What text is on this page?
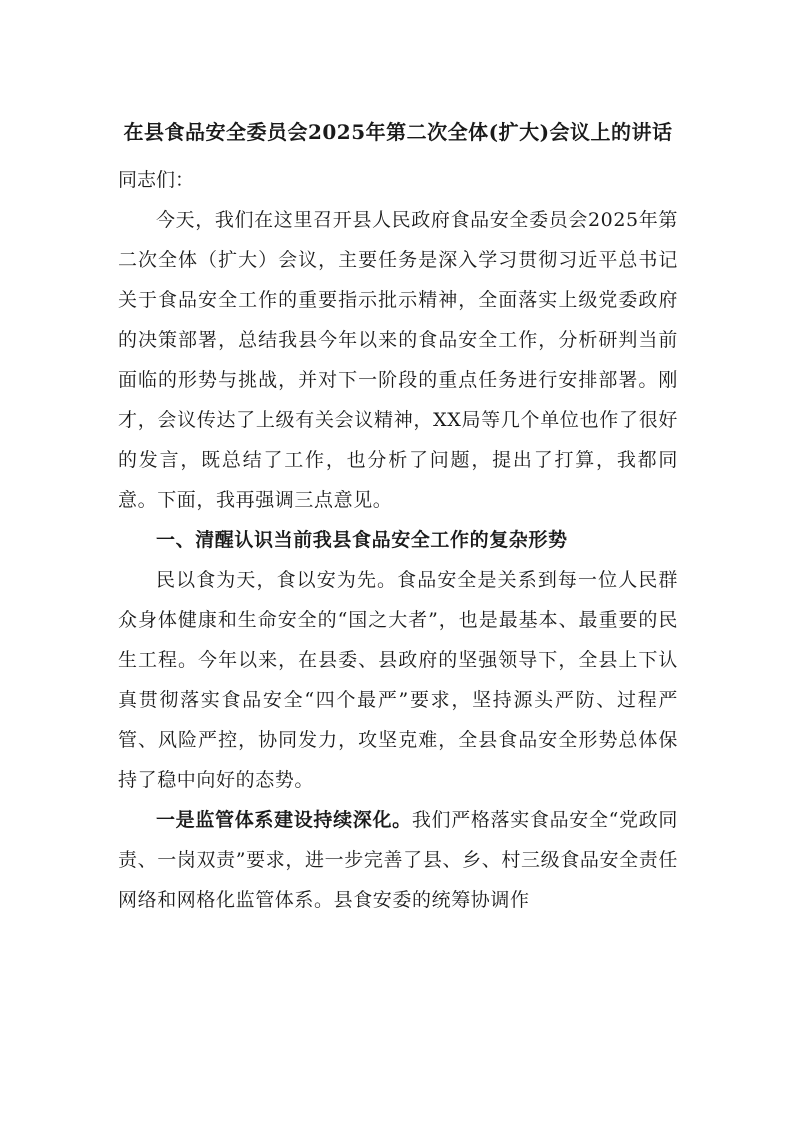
在县食品安全委员会2025年第二次全体(扩大)会议上的讲话
同志们：

今天，我们在这里召开县人民政府食品安全委员会2025年第二次全体（扩大）会议，主要任务是深入学习贯彻习近平总书记关于食品安全工作的重要指示批示精神，全面落实上级党委政府的决策部署，总结我县今年以来的食品安全工作，分析研判当前面临的形势与挑战，并对下一阶段的重点任务进行安排部署。刚才，会议传达了上级有关会议精神，XX局等几个单位也作了很好的发言，既总结了工作，也分析了问题，提出了打算，我都同意。下面，我再强调三点意见。

一、清醒认识当前我县食品安全工作的复杂形势

民以食为天，食以安为先。食品安全是关系到每一位人民群众身体健康和生命安全的“国之大者”，也是最基本、最重要的民生工程。今年以来，在县委、县政府的坚强领导下，全县上下认真贯彻落实食品安全“四个最严”要求，坚持源头严防、过程严管、风险严控，协同发力，攻坚克难，全县食品安全形势总体保持了稳中向好的态势。

一是监管体系建设持续深化。我们严格落实食品安全“党政同责、一岗双责”要求，进一步完善了县、乡、村三级食品安全责任网络和网格化监管体系。县食安委的统筹协调作
